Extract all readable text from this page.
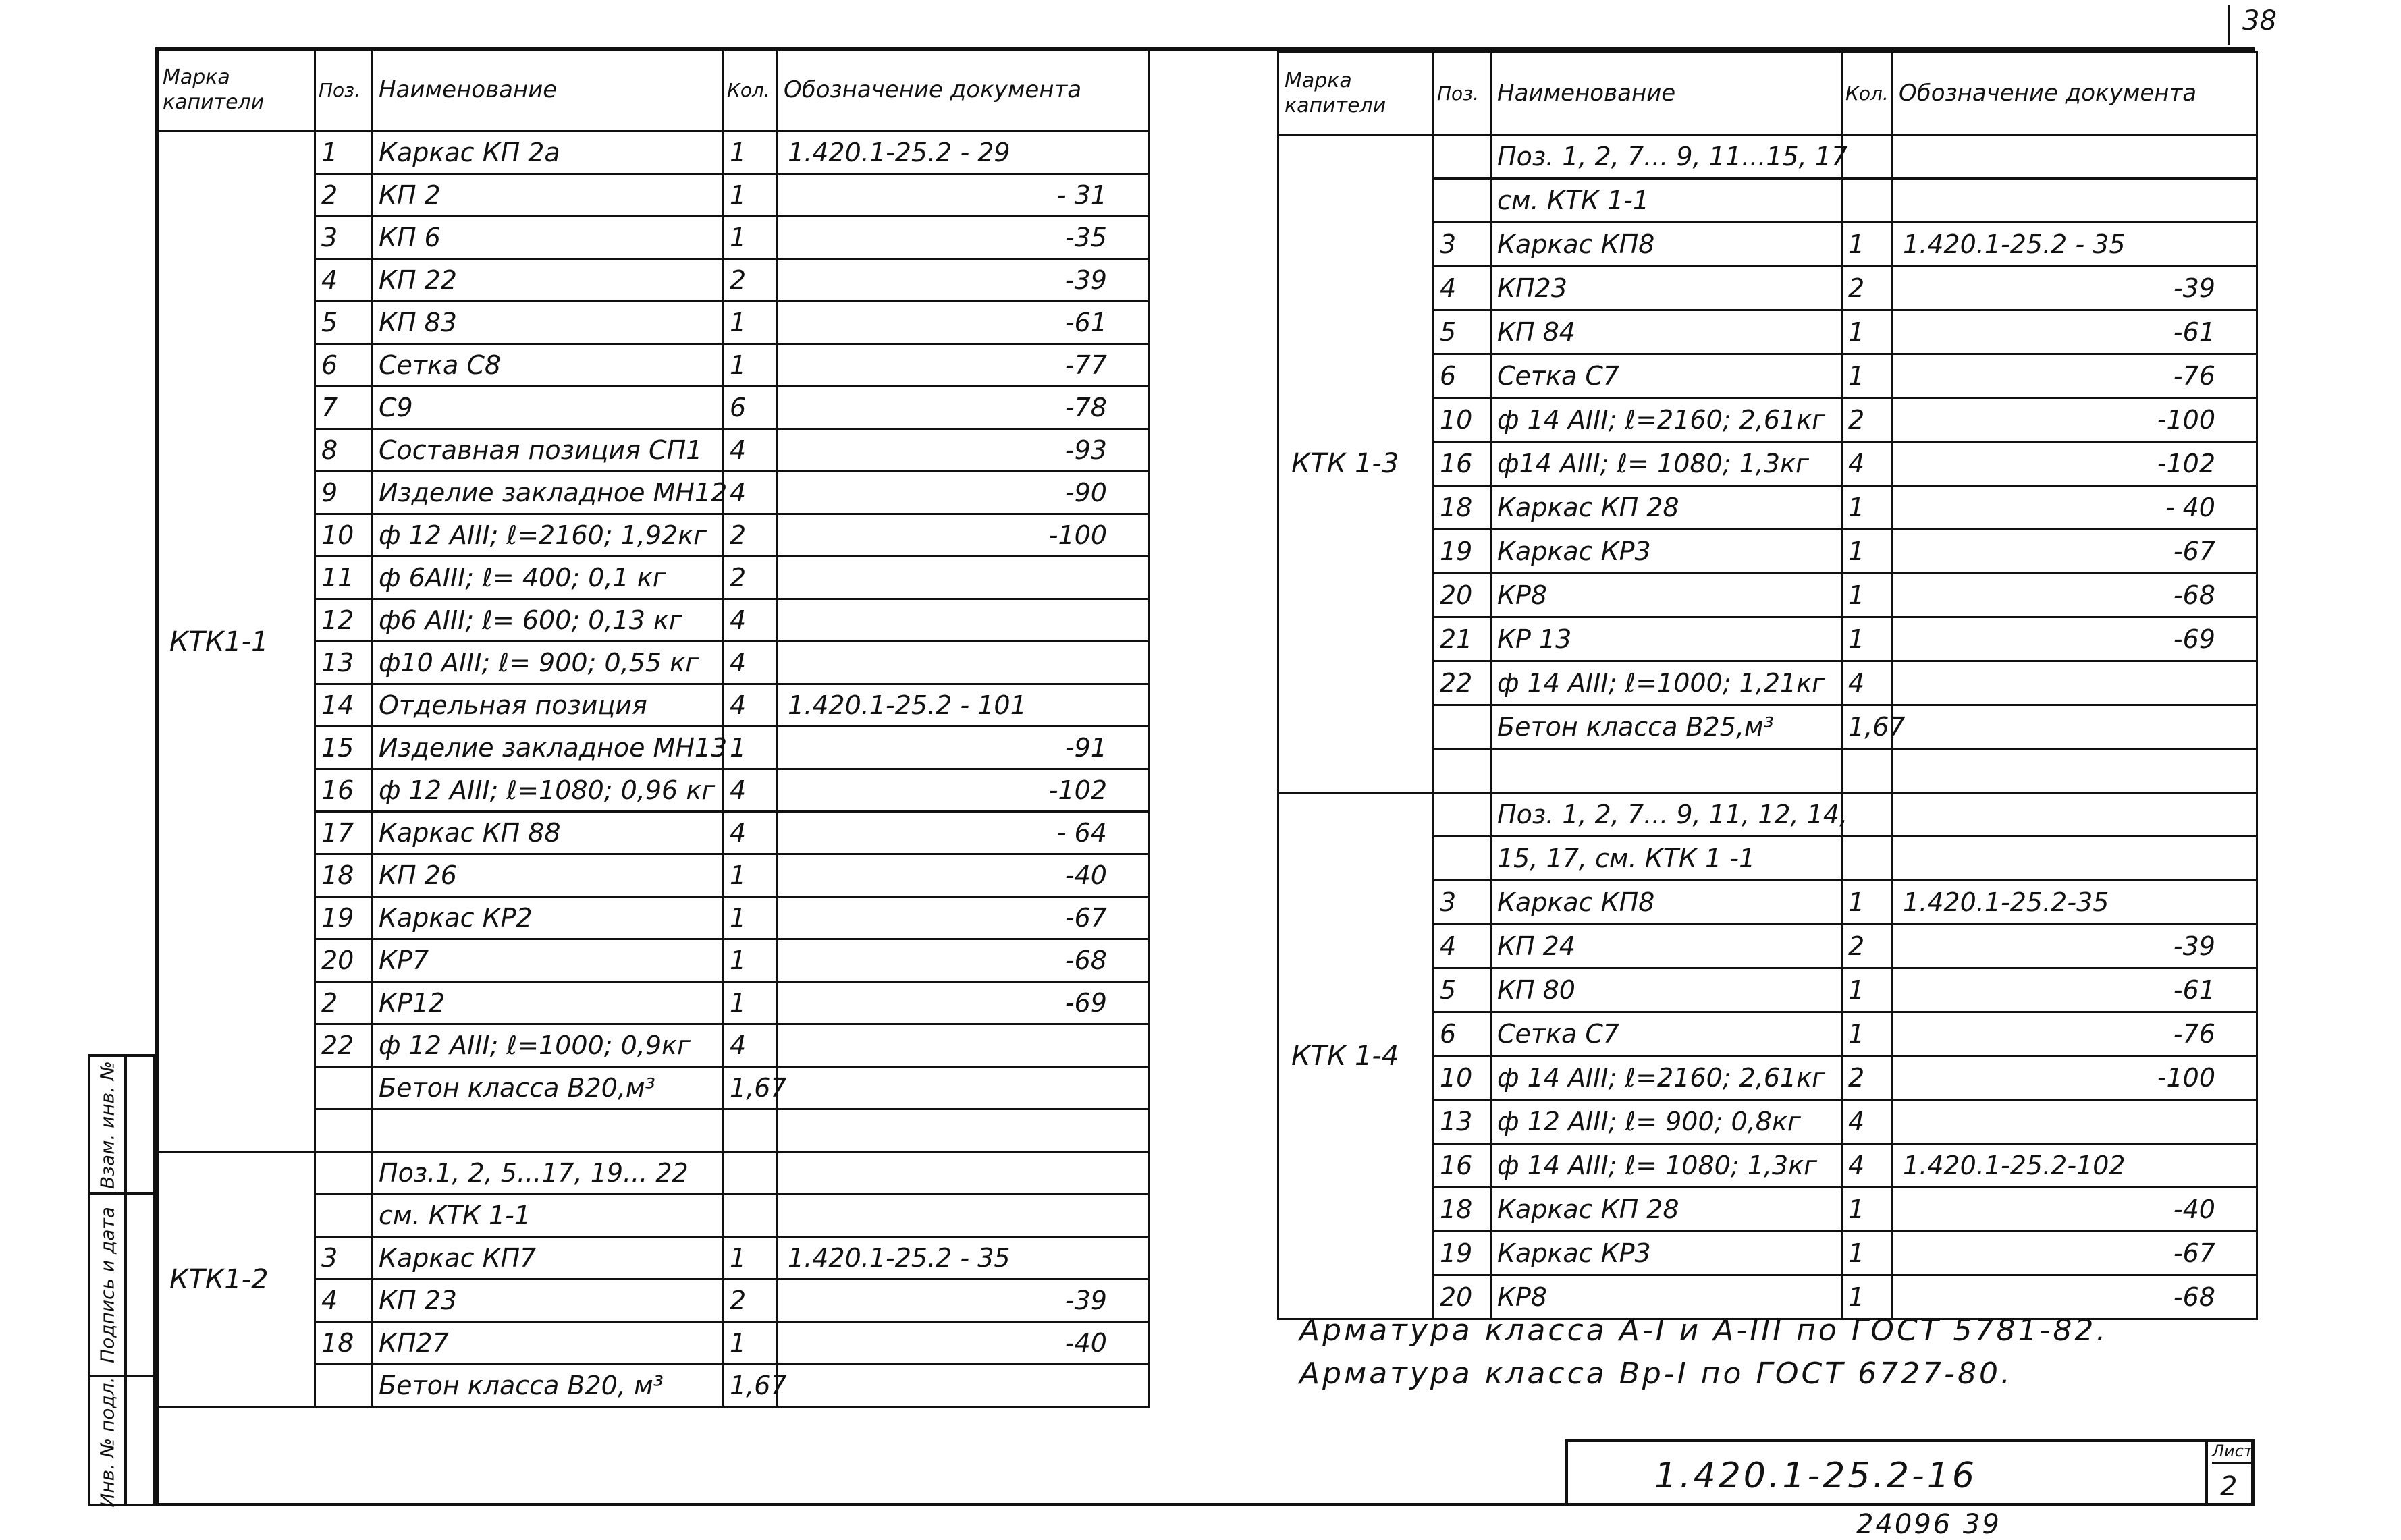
38
Марка капители	Поз.	Наименование	Кол.	Обозначение документа
КТК1-1	1	Каркас КП 2а	1	1.420.1-25.2 - 29
	2	КП 2	1	- 31
	3	КП 6	1	-35
	4	КП 22	2	-39
	5	КП 83	1	-61
	6	Сетка С8	1	-77
	7	С9	6	-78
	8	Составная позиция СП1	4	-93
	9	Изделие закладное МН12	4	-90
	10	ф 12 АIII; ℓ=2160; 1,92кг	2	-100
	11	ф 6АIII; ℓ= 400; 0,1 кг	2	
	12	ф6 АIII; ℓ= 600; 0,13 кг	4	
	13	ф10 АIII; ℓ= 900; 0,55 кг	4	
	14	Отдельная позиция	4	1.420.1-25.2 - 101
	15	Изделие закладное МН13	1	-91
	16	ф 12 АIII; ℓ=1080; 0,96 кг	4	-102
	17	Каркас КП 88	4	- 64
	18	КП 26	1	-40
	19	Каркас КР2	1	-67
	20	КР7	1	-68
	2	КР12	1	-69
	22	ф 12 АIII; ℓ=1000; 0,9кг	4	
		Бетон класса В20,м³	1,67	

КТК1-2		Поз.1, 2, 5...17, 19... 22		
		см. КТК 1-1		
	3	Каркас КП7	1	1.420.1-25.2 - 35
	4	КП 23	2	-39
	18	КП27	1	-40
		Бетон класса В20, м³	1,67	
Марка капители	Поз.	Наименование	Кол.	Обозначение документа
КТК 1-3		Поз. 1, 2, 7... 9, 11...15, 17		
		см. КТК 1-1		
	3	Каркас КП8	1	1.420.1-25.2 - 35
	4	КП23	2	-39
	5	КП 84	1	-61
	6	Сетка С7	1	-76
	10	ф 14 АIII; ℓ=2160; 2,61кг	2	-100
	16	ф14 АIII; ℓ= 1080; 1,3кг	4	-102
	18	Каркас КП 28	1	- 40
	19	Каркас КР3	1	-67
	20	КР8	1	-68
	21	КР 13	1	-69
	22	ф 14 АIII; ℓ=1000; 1,21кг	4	
		Бетон класса В25,м³	1,67	

КТК 1-4		Поз. 1, 2, 7... 9, 11, 12, 14,		
		15, 17, см. КТК 1 -1		
	3	Каркас КП8	1	1.420.1-25.2-35
	4	КП 24	2	-39
	5	КП 80	1	-61
	6	Сетка С7	1	-76
	10	ф 14 АIII; ℓ=2160; 2,61кг	2	-100
	13	ф 12 АIII; ℓ= 900; 0,8кг	4	
	16	ф 14 АIII; ℓ= 1080; 1,3кг	4	1.420.1-25.2-102
	18	Каркас КП 28	1	-40
	19	Каркас КР3	1	-67
	20	КР8	1	-68
Арматура класса А-I и А-III по ГОСТ 5781-82.
Арматура класса Вр-I по ГОСТ 6727-80.
1.420.1-25.2-16
Лист
2
24096 39
Взам. инв. №
Подпись и дата
Инв. № подл.
